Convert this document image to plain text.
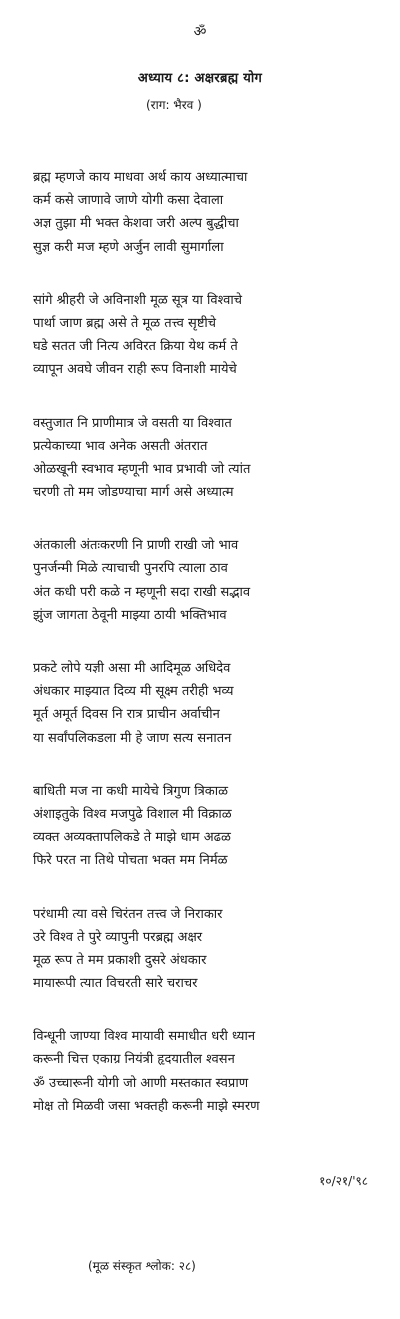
ॐ
अध्याय ८: अक्षरब्रह्म योग
(राग: भैरव )
ब्रह्म म्हणजे काय माधवा अर्थ काय अध्यात्माचा
कर्म कसे जाणावे जाणे योगी कसा देवाला
अज्ञ तुझा मी भक्त केशवा जरी अल्प बुद्धीचा
सुज्ञ करी मज म्हणे अर्जुन लावी सुमार्गाला
सांगे श्रीहरी जे अविनाशी मूळ सूत्र या विश्वाचे
पार्था जाण ब्रह्म असे ते मूळ तत्त्व सृष्टीचे
घडे सतत जी नित्य अविरत क्रिया येथ कर्म ते
व्यापून अवघे जीवन राही रूप विनाशी मायेचे
वस्तुजात नि प्राणीमात्र जे वसती या विश्वात
प्रत्येकाच्या भाव अनेक असती अंतरात
ओळखूनी स्वभाव म्हणूनी भाव प्रभावी जो त्यांत
चरणी तो मम जोडण्याचा मार्ग असे अध्यात्म
अंतकाली अंतःकरणी नि प्राणी राखी जो भाव
पुनर्जन्मी मिळे त्याचाची पुनरपि त्याला ठाव
अंत कधी परी कळे न म्हणूनी सदा राखी सद्भाव
झुंज जागता ठेवूनी माझ्या ठायी भक्तिभाव
प्रकटे लोपे यज्ञी असा मी आदिमूळ अधिदेव
अंधकार माझ्यात दिव्य मी सूक्ष्म तरीही भव्य
मूर्त अमूर्त दिवस नि रात्र प्राचीन अर्वाचीन
या सर्वांपलिकडला मी हे जाण सत्य सनातन
बाधिती मज ना कधी मायेचे त्रिगुण त्रिकाळ
अंशाइतुके विश्व मजपुढे विशाल मी विक्राळ
व्यक्त अव्यक्तापलिकडे ते माझे धाम अढळ
फिरे परत ना तिथे पोचता भक्त मम निर्मळ
परंधामी त्या वसे चिरंतन तत्त्व जे निराकार
उरे विश्व ते पुरे व्यापुनी परब्रह्म अक्षर
मूळ रूप ते मम प्रकाशी दुसरे अंधकार
मायारूपी त्यात विचरती सारे चराचर
विन्धूनी जाण्या विश्व मायावी समाधीत धरी ध्यान
करूनी चित्त एकाग्र नियंत्री हृदयातील श्वसन
ॐ उच्चारूनी योगी जो आणी मस्तकात स्वप्राण
मोक्ष तो मिळवी जसा भक्तही करूनी माझे स्मरण
१०/२१/'९८
(मूळ संस्कृत श्लोक: २८)
